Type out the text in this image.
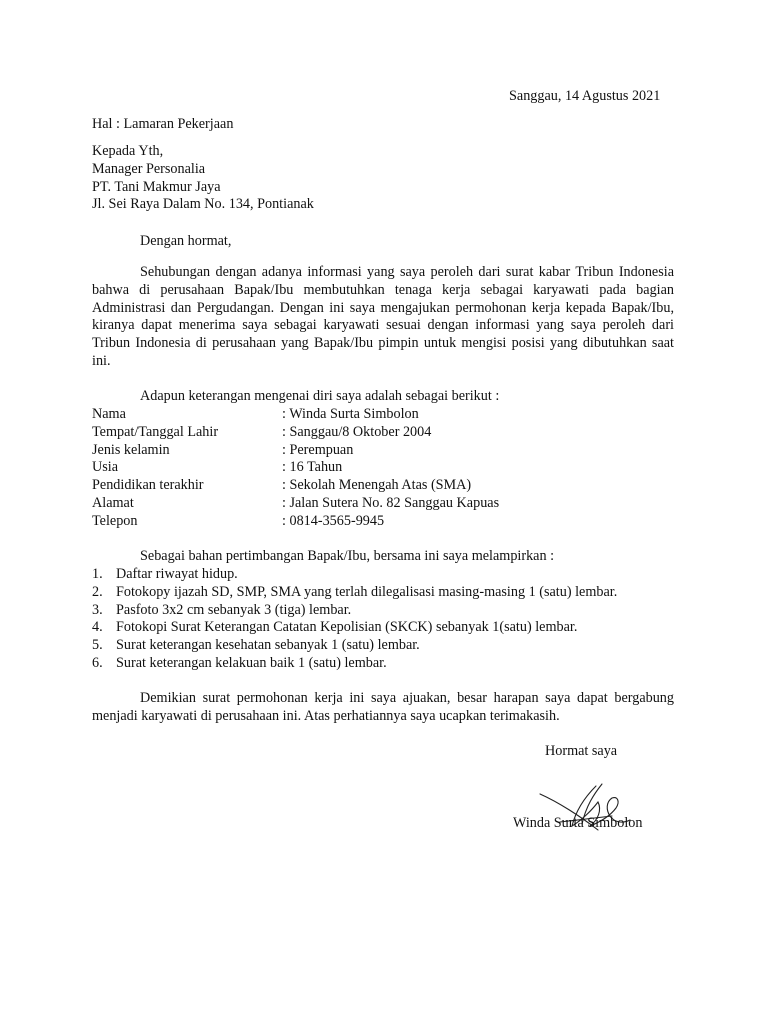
Sanggau, 14 Agustus 2021
Hal : Lamaran Pekerjaan
Kepada Yth,
Manager Personalia
PT. Tani Makmur Jaya
Jl. Sei Raya Dalam No. 134, Pontianak
Dengan hormat,
Sehubungan dengan adanya informasi yang saya peroleh dari surat kabar Tribun Indonesia bahwa di perusahaan Bapak/Ibu membutuhkan tenaga kerja sebagai karyawati pada bagian Administrasi dan Pergudangan. Dengan ini saya mengajukan permohonan kerja kepada Bapak/Ibu, kiranya dapat menerima saya sebagai karyawati sesuai dengan informasi yang saya peroleh dari Tribun Indonesia di perusahaan yang Bapak/Ibu pimpin untuk mengisi posisi yang dibutuhkan saat ini.
Adapun keterangan mengenai diri saya adalah sebagai berikut :
Nama	: Winda Surta Simbolon
Tempat/Tanggal Lahir	: Sanggau/8 Oktober 2004
Jenis kelamin	: Perempuan
Usia	: 16 Tahun
Pendidikan terakhir	: Sekolah Menengah Atas (SMA)
Alamat	: Jalan Sutera No. 82 Sanggau Kapuas
Telepon	: 0814-3565-9945
Sebagai bahan pertimbangan Bapak/Ibu, bersama ini saya melampirkan :
1. Daftar riwayat hidup.
2. Fotokopy ijazah SD, SMP, SMA yang terlah dilegalisasi masing-masing 1 (satu) lembar.
3. Pasfoto 3x2 cm sebanyak 3 (tiga) lembar.
4. Fotokopi Surat Keterangan Catatan Kepolisian (SKCK) sebanyak 1(satu) lembar.
5. Surat keterangan kesehatan sebanyak 1 (satu) lembar.
6. Surat keterangan kelakuan baik 1 (satu) lembar.
Demikian surat permohonan kerja ini saya ajuakan, besar harapan saya dapat bergabung menjadi karyawati di perusahaan ini. Atas perhatiannya saya ucapkan terimakasih.
Hormat saya
Winda Surta Simbolon
